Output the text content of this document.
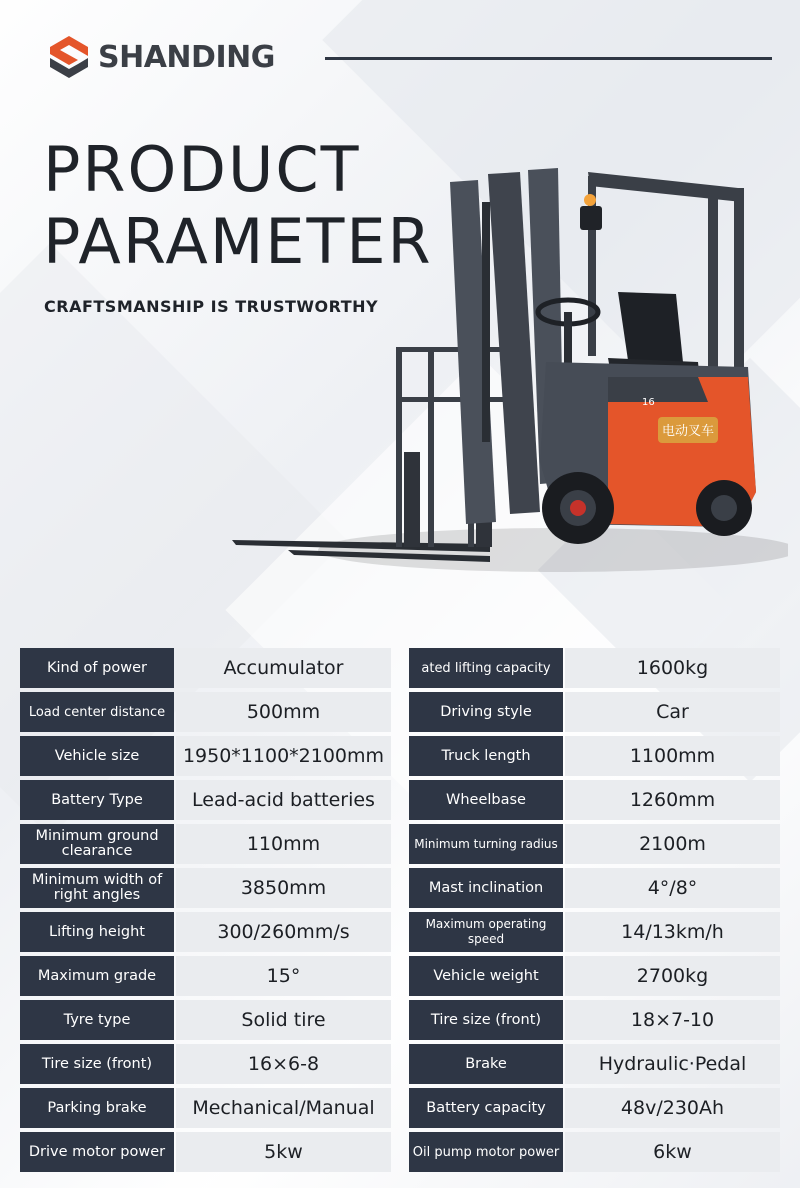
SHANDING
PRODUCT
PARAMETER
CRAFTSMANSHIP IS TRUSTWORTHY
电动叉车
16
Kind of power	Accumulator	ated lifting capacity	1600kg
Load center distance	500mm	Driving style	Car
Vehicle size	1950*1100*2100mm	Truck length	1100mm
Battery Type	Lead-acid batteries	Wheelbase	1260mm
Minimum ground clearance	110mm	Minimum turning radius	2100m
Minimum width of right angles	3850mm	Mast inclination	4°/8°
Lifting height	300/260mm/s	Maximum operating speed	14/13km/h
Maximum grade	15°	Vehicle weight	2700kg
Tyre type	Solid tire	Tire size (front)	18×7-10
Tire size (front)	16×6-8	Brake	Hydraulic·Pedal
Parking brake	Mechanical/Manual	Battery capacity	48v/230Ah
Drive motor power	5kw	Oil pump motor power	6kw
